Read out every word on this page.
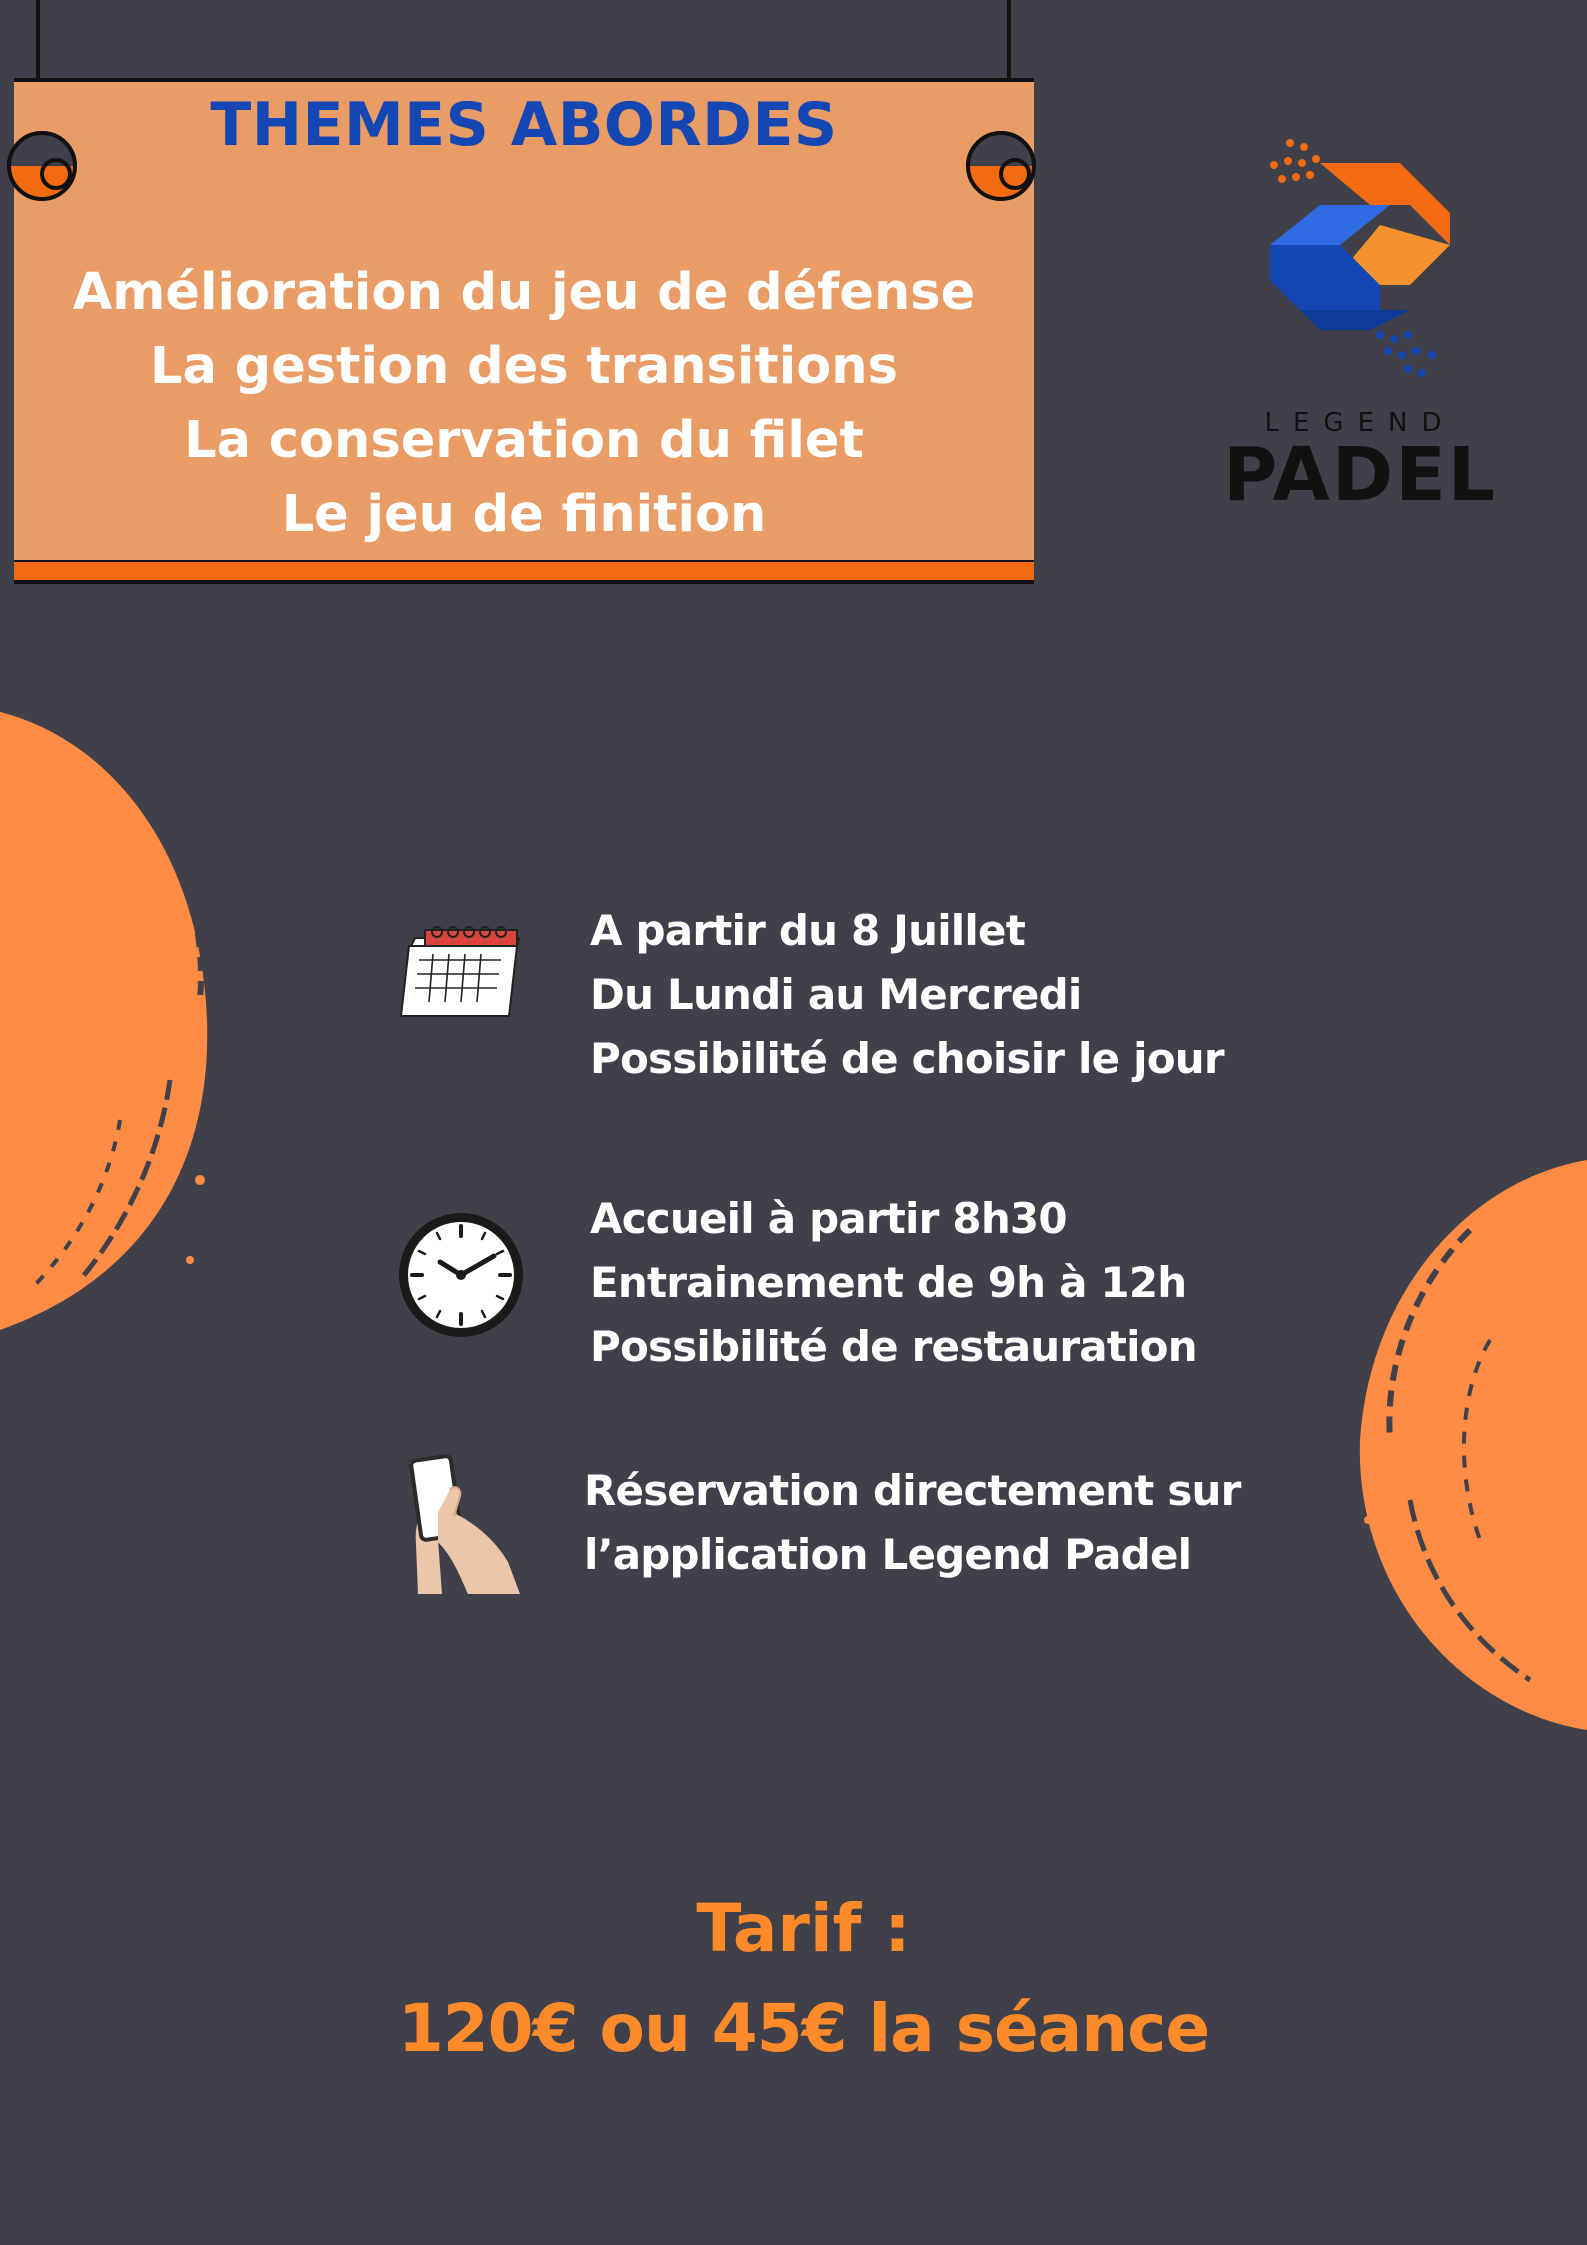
THEMES ABORDES
Amélioration du jeu de défense
La gestion des transitions
La conservation du filet
Le jeu de finition
LEGEND
PADEL
A partir du 8 Juillet
Du Lundi au Mercredi
Possibilité de choisir le jour
Accueil à partir 8h30
Entrainement de 9h à 12h
Possibilité de restauration
Réservation directement sur
l’application Legend Padel
Tarif :
120€ ou 45€ la séance
